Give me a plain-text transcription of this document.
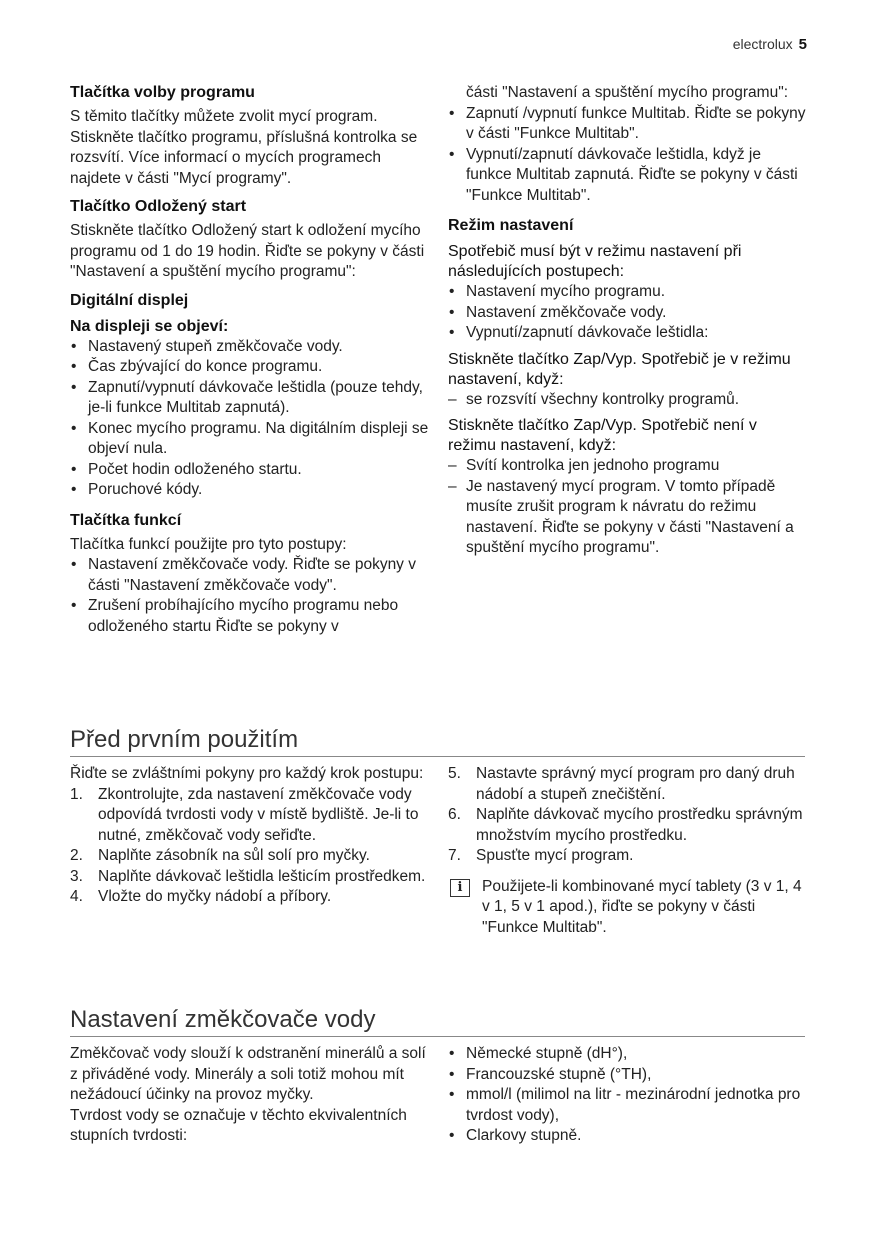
electrolux 5
Tlačítka volby programu

S těmito tlačítky můžete zvolit mycí program. Stiskněte tlačítko programu, příslušná kontrolka se rozsvítí. Více informací o mycích programech najdete v části "Mycí programy".

Tlačítko Odložený start

Stiskněte tlačítko Odložený start k odložení mycího programu od 1 do 19 hodin. Řiďte se pokyny v části "Nastavení a spuštění mycího programu":

Digitální displej
Na displeji se objeví:
• Nastavený stupeň změkčovače vody.
• Čas zbývající do konce programu.
• Zapnutí/vypnutí dávkovače leštidla (pouze tehdy, je-li funkce Multitab zapnutá).
• Konec mycího programu. Na digitálním displeji se objeví nula.
• Počet hodin odloženého startu.
• Poruchové kódy.
Tlačítka funkcí

Tlačítka funkcí použijte pro tyto postupy:

• Nastavení změkčovače vody. Řiďte se pokyny v části "Nastavení změkčovače vody".
• Zrušení probíhajícího mycího programu nebo odloženého startu Řiďte se pokyny v

části "Nastavení a spuštění mycího programu":

• Zapnutí /vypnutí funkce Multitab. Řiďte se pokyny v části "Funkce Multitab".
• Vypnutí/zapnutí dávkovače leštidla, když je funkce Multitab zapnutá. Řiďte se pokyny v části "Funkce Multitab".
Režim nastavení

Spotřebič musí být v režimu nastavení při následujících postupech:

• Nastavení mycího programu.
• Nastavení změkčovače vody.
• Vypnutí/zapnutí dávkovače leštidla:

Stiskněte tlačítko Zap/Vyp. Spotřebič je v režimu nastavení, když:

– se rozsvítí všechny kontrolky programů.

Stiskněte tlačítko Zap/Vyp. Spotřebič není v režimu nastavení, když:

– Svítí kontrolka jen jednoho programu
– Je nastavený mycí program. V tomto případě musíte zrušit program k návratu do režimu nastavení. Řiďte se pokyny v části "Nastavení a spuštění mycího programu".
Před prvním použitím

Řiďte se zvláštními pokyny pro každý krok postupu:

1. Zkontrolujte, zda nastavení změkčovače vody odpovídá tvrdosti vody v místě bydliště. Je-li to nutné, změkčovač vody seřiďte.
2. Naplňte zásobník na sůl solí pro myčky.
3. Naplňte dávkovač leštidla lešticím prostředkem.
4. Vložte do myčky nádobí a příbory.
5. Nastavte správný mycí program pro daný druh nádobí a stupeň znečištění.
6. Naplňte dávkovač mycího prostředku správným množstvím mycího prostředku.
7. Spusťte mycí program.
i	Použijete-li kombinované mycí tablety (3 v 1, 4 v 1, 5 v 1 apod.), řiďte se pokyny v části "Funkce Multitab".
Nastavení změkčovače vody

Změkčovač vody slouží k odstranění minerálů a solí z přiváděné vody. Minerály a soli totiž mohou mít nežádoucí účinky na provoz myčky.

Tvrdost vody se označuje v těchto ekvivalentních stupních tvrdosti:

• Německé stupně (dH°),
• Francouzské stupně (°TH),
• mmol/l (milimol na litr - mezinárodní jednotka pro tvrdost vody),
• Clarkovy stupně.
